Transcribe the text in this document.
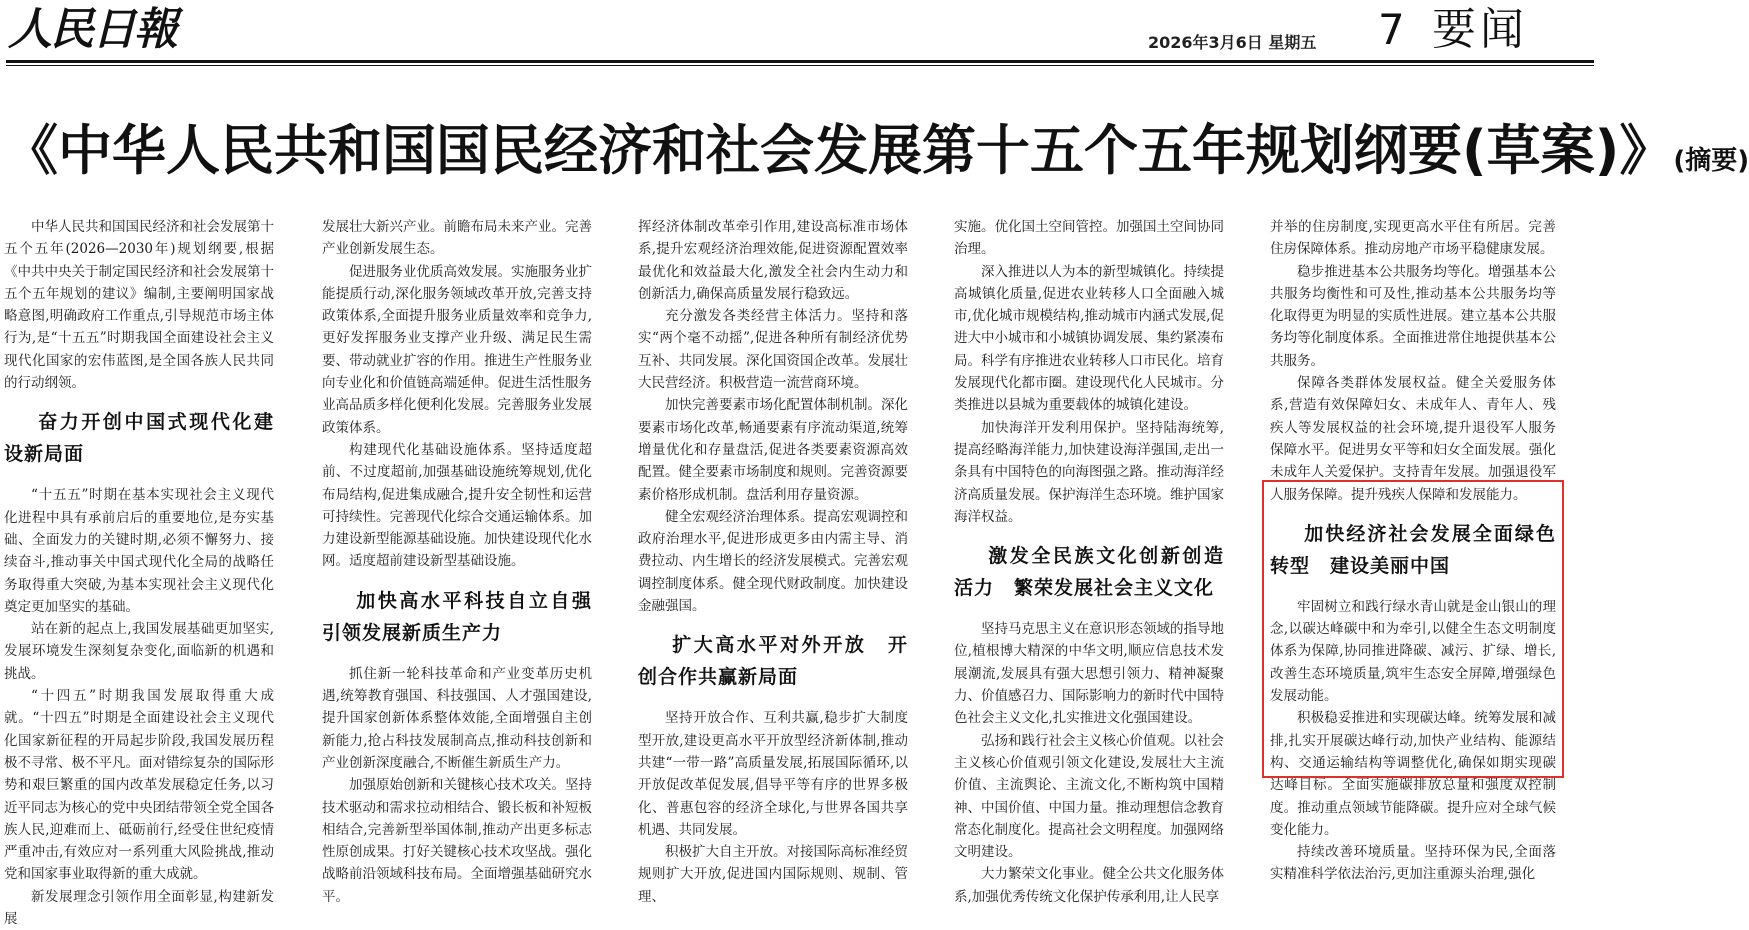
人民日報	2026年3月6日 星期五 7 要闻
《中华人民共和国国民经济和社会发展第十五个五年规划纲要(草案)》(摘要)

中华人民共和国国民经济和社会发展第十五个五年(2026—2030年)规划纲要,根据《中共中央关于制定国民经济和社会发展第十五个五年规划的建议》编制,主要阐明国家战略意图,明确政府工作重点,引导规范市场主体行为,是“十五五”时期我国全面建设社会主义现代化国家的宏伟蓝图,是全国各族人民共同的行动纲领。

奋力开创中国式现代化建设新局面

“十五五”时期在基本实现社会主义现代化进程中具有承前启后的重要地位,是夯实基础、全面发力的关键时期,必须不懈努力、接续奋斗,推动事关中国式现代化全局的战略任务取得重大突破,为基本实现社会主义现代化奠定更加坚实的基础。

站在新的起点上,我国发展基础更加坚实,发展环境发生深刻复杂变化,面临新的机遇和挑战。

“十四五”时期我国发展取得重大成就。“十四五”时期是全面建设社会主义现代化国家新征程的开局起步阶段,我国发展历程极不寻常、极不平凡。面对错综复杂的国际形势和艰巨繁重的国内改革发展稳定任务,以习近平同志为核心的党中央团结带领全党全国各族人民,迎难而上、砥砺前行,经受住世纪疫情严重冲击,有效应对一系列重大风险挑战,推动党和国家事业取得新的重大成就。

新发展理念引领作用全面彰显,构建新发展

发展壮大新兴产业。前瞻布局未来产业。完善产业创新发展生态。

促进服务业优质高效发展。实施服务业扩能提质行动,深化服务领域改革开放,完善支持政策体系,全面提升服务业质量效率和竞争力,更好发挥服务业支撑产业升级、满足民生需要、带动就业扩容的作用。推进生产性服务业向专业化和价值链高端延伸。促进生活性服务业高品质多样化便利化发展。完善服务业发展政策体系。

构建现代化基础设施体系。坚持适度超前、不过度超前,加强基础设施统筹规划,优化布局结构,促进集成融合,提升安全韧性和运营可持续性。完善现代化综合交通运输体系。加力建设新型能源基础设施。加快建设现代化水网。适度超前建设新型基础设施。

加快高水平科技自立自强　引领发展新质生产力

抓住新一轮科技革命和产业变革历史机遇,统筹教育强国、科技强国、人才强国建设,提升国家创新体系整体效能,全面增强自主创新能力,抢占科技发展制高点,推动科技创新和产业创新深度融合,不断催生新质生产力。

加强原始创新和关键核心技术攻关。坚持技术驱动和需求拉动相结合、锻长板和补短板相结合,完善新型举国体制,推动产出更多标志性原创成果。打好关键核心技术攻坚战。强化战略前沿领域科技布局。全面增强基础研究水平。

挥经济体制改革牵引作用,建设高标准市场体系,提升宏观经济治理效能,促进资源配置效率最优化和效益最大化,激发全社会内生动力和创新活力,确保高质量发展行稳致远。

充分激发各类经营主体活力。坚持和落实“两个毫不动摇”,促进各种所有制经济优势互补、共同发展。深化国资国企改革。发展壮大民营经济。积极营造一流营商环境。

加快完善要素市场化配置体制机制。深化要素市场化改革,畅通要素有序流动渠道,统筹增量优化和存量盘活,促进各类要素资源高效配置。健全要素市场制度和规则。完善资源要素价格形成机制。盘活利用存量资源。

健全宏观经济治理体系。提高宏观调控和政府治理水平,促进形成更多由内需主导、消费拉动、内生增长的经济发展模式。完善宏观调控制度体系。健全现代财政制度。加快建设金融强国。

扩大高水平对外开放　开创合作共赢新局面

坚持开放合作、互利共赢,稳步扩大制度型开放,建设更高水平开放型经济新体制,推动共建“一带一路”高质量发展,拓展国际循环,以开放促改革促发展,倡导平等有序的世界多极化、普惠包容的经济全球化,与世界各国共享机遇、共同发展。

积极扩大自主开放。对接国际高标准经贸规则扩大开放,促进国内国际规则、规制、管理、

实施。优化国土空间管控。加强国土空间协同治理。

深入推进以人为本的新型城镇化。持续提高城镇化质量,促进农业转移人口全面融入城市,优化城市规模结构,推动城市内涵式发展,促进大中小城市和小城镇协调发展、集约紧凑布局。科学有序推进农业转移人口市民化。培育发展现代化都市圈。建设现代化人民城市。分类推进以县城为重要载体的城镇化建设。

加快海洋开发利用保护。坚持陆海统筹,提高经略海洋能力,加快建设海洋强国,走出一条具有中国特色的向海图强之路。推动海洋经济高质量发展。保护海洋生态环境。维护国家海洋权益。

激发全民族文化创新创造活力　繁荣发展社会主义文化

坚持马克思主义在意识形态领域的指导地位,植根博大精深的中华文明,顺应信息技术发展潮流,发展具有强大思想引领力、精神凝聚力、价值感召力、国际影响力的新时代中国特色社会主义文化,扎实推进文化强国建设。

弘扬和践行社会主义核心价值观。以社会主义核心价值观引领文化建设,发展壮大主流价值、主流舆论、主流文化,不断构筑中国精神、中国价值、中国力量。推动理想信念教育常态化制度化。提高社会文明程度。加强网络文明建设。

大力繁荣文化事业。健全公共文化服务体系,加强优秀传统文化保护传承利用,让人民享

并举的住房制度,实现更高水平住有所居。完善住房保障体系。推动房地产市场平稳健康发展。

稳步推进基本公共服务均等化。增强基本公共服务均衡性和可及性,推动基本公共服务均等化取得更为明显的实质性进展。建立基本公共服务均等化制度体系。全面推进常住地提供基本公共服务。

保障各类群体发展权益。健全关爱服务体系,营造有效保障妇女、未成年人、青年人、残疾人等发展权益的社会环境,提升退役军人服务保障水平。促进男女平等和妇女全面发展。强化未成年人关爱保护。支持青年发展。加强退役军人服务保障。提升残疾人保障和发展能力。

加快经济社会发展全面绿色转型　建设美丽中国

牢固树立和践行绿水青山就是金山银山的理念,以碳达峰碳中和为牵引,以健全生态文明制度体系为保障,协同推进降碳、减污、扩绿、增长,改善生态环境质量,筑牢生态安全屏障,增强绿色发展动能。

积极稳妥推进和实现碳达峰。统筹发展和减排,扎实开展碳达峰行动,加快产业结构、能源结构、交通运输结构等调整优化,确保如期实现碳达峰目标。全面实施碳排放总量和强度双控制度。推动重点领域节能降碳。提升应对全球气候变化能力。

持续改善环境质量。坚持环保为民,全面落实精准科学依法治污,更加注重源头治理,强化
